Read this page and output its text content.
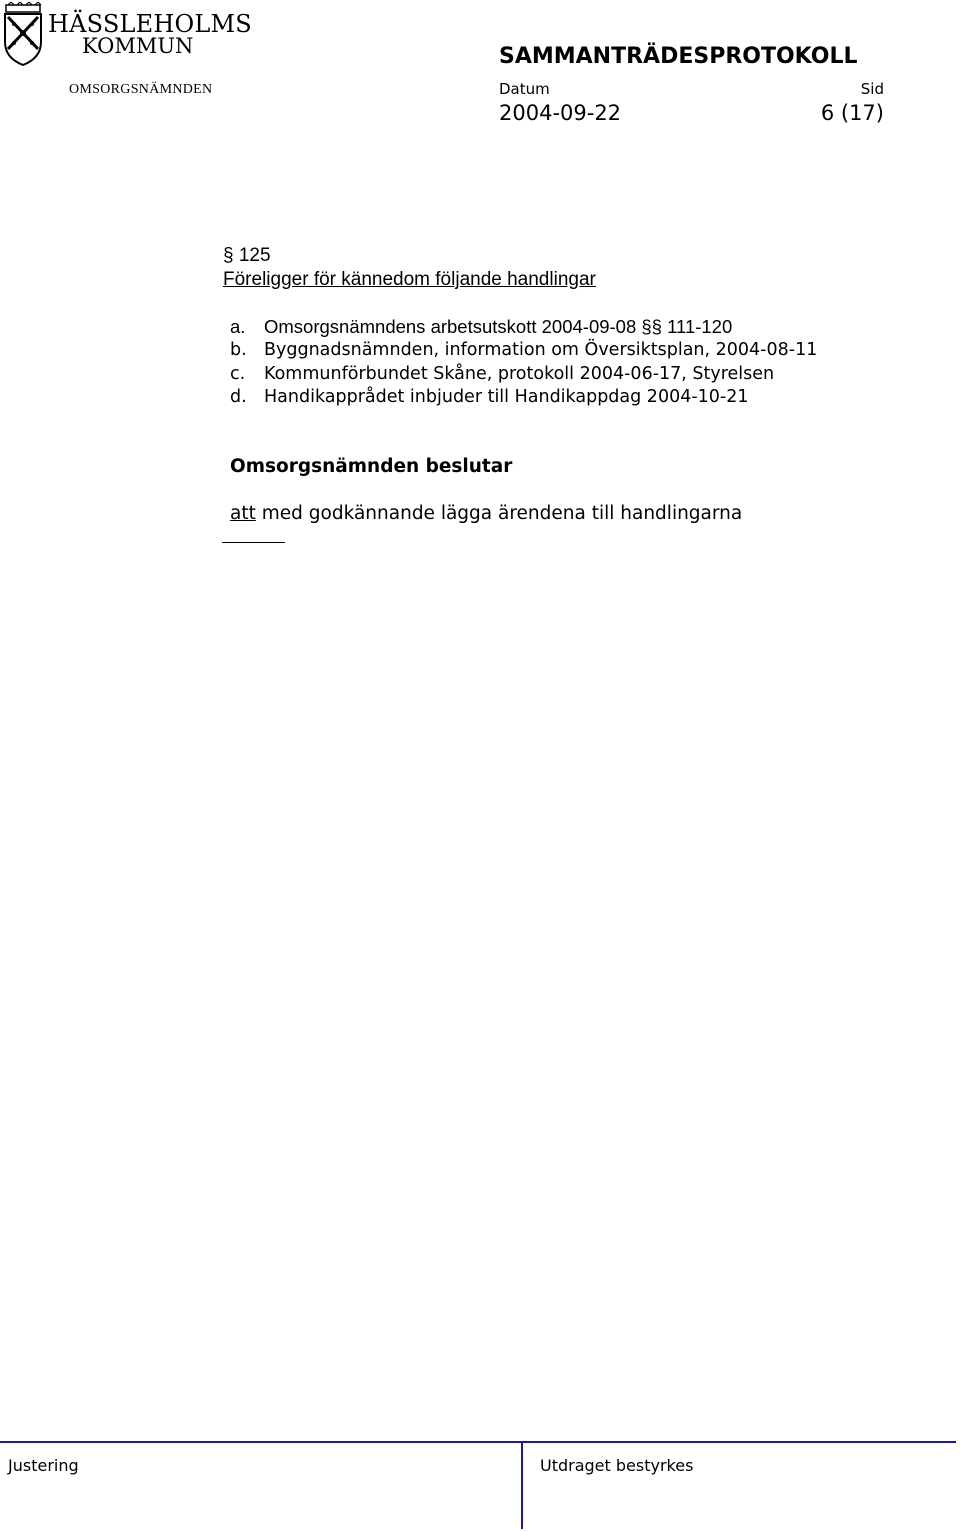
HÄSSLEHOLMS
KOMMUN
OMSORGSNÄMNDEN
SAMMANTRÄDESPROTOKOLL
Datum	Sid
2004-09-22	6 (17)
§ 125
Föreligger för kännedom följande handlingar
a. Omsorgsnämndens arbetsutskott 2004-09-08 §§ 111-120
b. Byggnadsnämnden, information om Översiktsplan, 2004-08-11
c. Kommunförbundet Skåne, protokoll 2004-06-17, Styrelsen
d. Handikapprådet inbjuder till Handikappdag 2004-10-21
Omsorgsnämnden beslutar
att med godkännande lägga ärendena till handlingarna
Justering	Utdraget bestyrkes
